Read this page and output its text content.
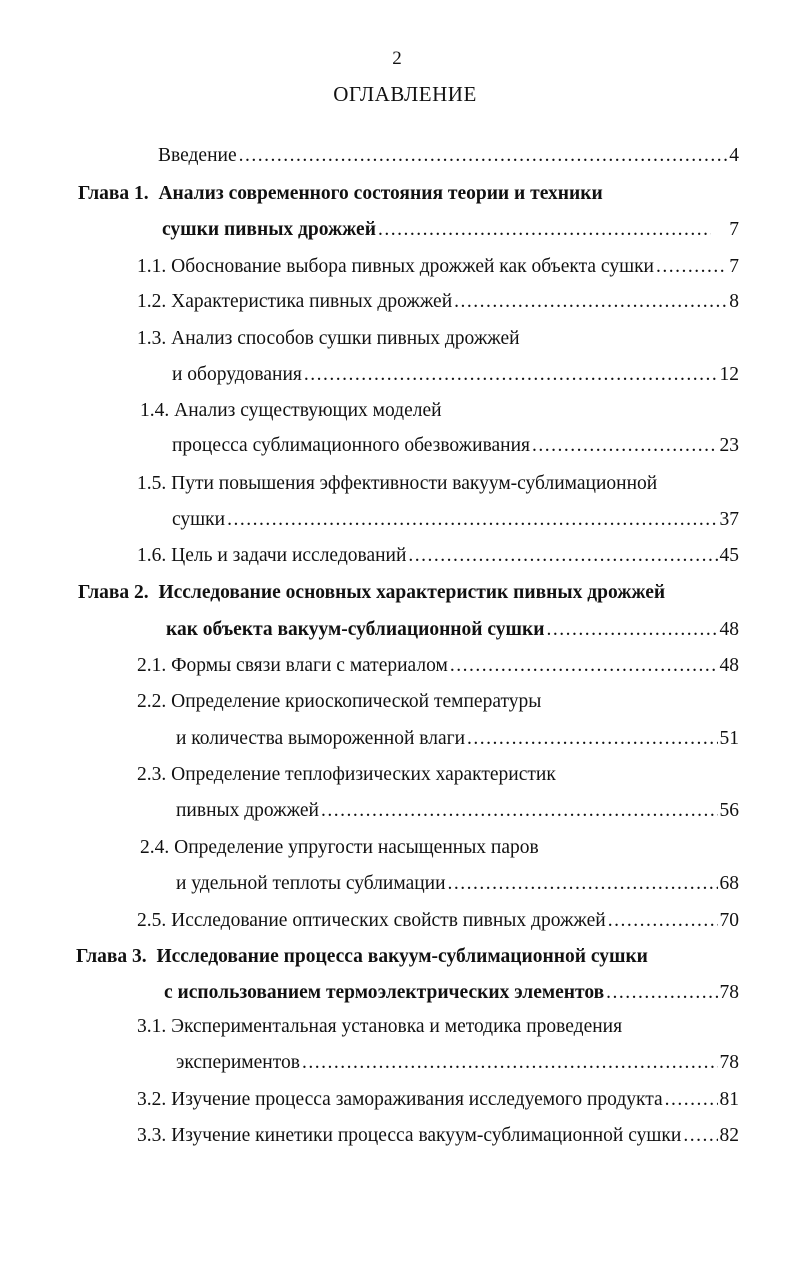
2
ОГЛАВЛЕНИЕ
Введение .....	4
Глава 1. Анализ современного состояния теории и техники
сушки пивных дрожжей .....	7
1.1. Обоснование выбора пивных дрожжей как объекта сушки .....	7
1.2. Характеристика пивных дрожжей .....	8
1.3. Анализ способов сушки пивных дрожжей
и оборудования .....	12
1.4. Анализ существующих моделей
процесса сублимационного обезвоживания .....	23
1.5. Пути повышения эффективности вакуум-сублимационной
сушки .....	37
1.6. Цель и задачи исследований .....	45
Глава 2. Исследование основных характеристик пивных дрожжей
как объекта вакуум-сублиационной сушки .....	48
2.1. Формы связи влаги с материалом .....	48
2.2. Определение криоскопической температуры
и количества вымороженной влаги .....	51
2.3. Определение теплофизических характеристик
пивных дрожжей .....	56
2.4. Определение упругости насыщенных паров
и удельной теплоты сублимации .....	68
2.5. Исследование оптических свойств пивных дрожжей .....	70
Глава 3. Исследование процесса вакуум-сублимационной сушки
с использованием термоэлектрических элементов .....	78
3.1. Экспериментальная установка и методика проведения
экспериментов .....	78
3.2. Изучение процесса замораживания исследуемого продукта .....	81
3.3. Изучение кинетики процесса вакуум-сублимационной сушки ..... 82
